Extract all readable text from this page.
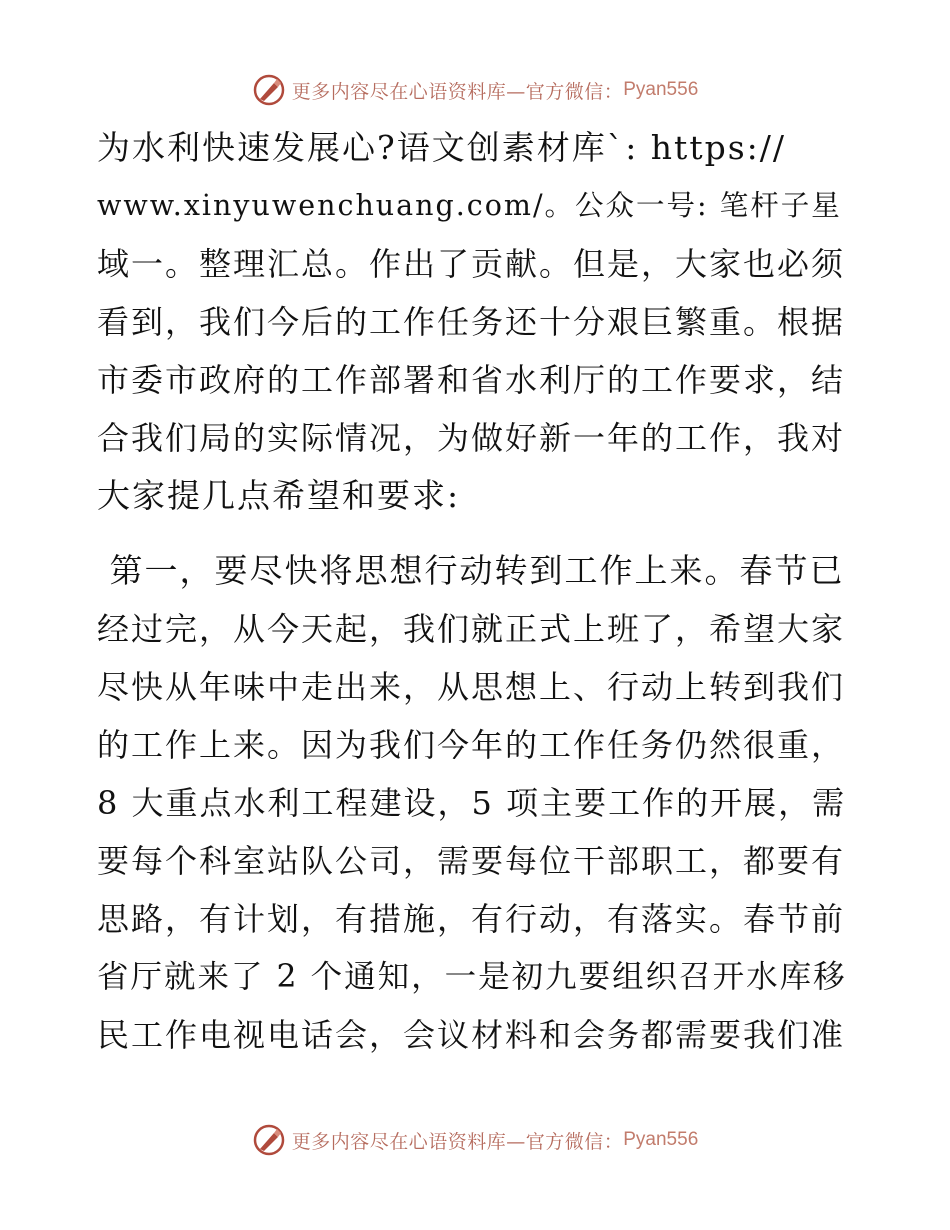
更多内容尽在心语资料库—官方微信： Pyan556

为水利快速发展心?语文创素材库`: https://

www.xinyuwenchuang.com/。公众一号: 笔杆子星

域一。整理汇总。作出了贡献。但是，大家也必须

看到，我们今后的工作任务还十分艰巨繁重。根据

市委市政府的工作部署和省水利厅的工作要求，结

合我们局的实际情况，为做好新一年的工作，我对

大家提几点希望和要求:

第一，要尽快将思想行动转到工作上来。春节已

经过完，从今天起，我们就正式上班了，希望大家

尽快从年味中走出来，从思想上、行动上转到我们

的工作上来。因为我们今年的工作任务仍然很重，

8 大重点水利工程建设，5 项主要工作的开展，需

要每个科室站队公司，需要每位干部职工，都要有

思路，有计划，有措施，有行动，有落实。春节前

省厅就来了 2 个通知，一是初九要组织召开水库移

民工作电视电话会，会议材料和会务都需要我们准

更多内容尽在心语资料库—官方微信： Pyan556
